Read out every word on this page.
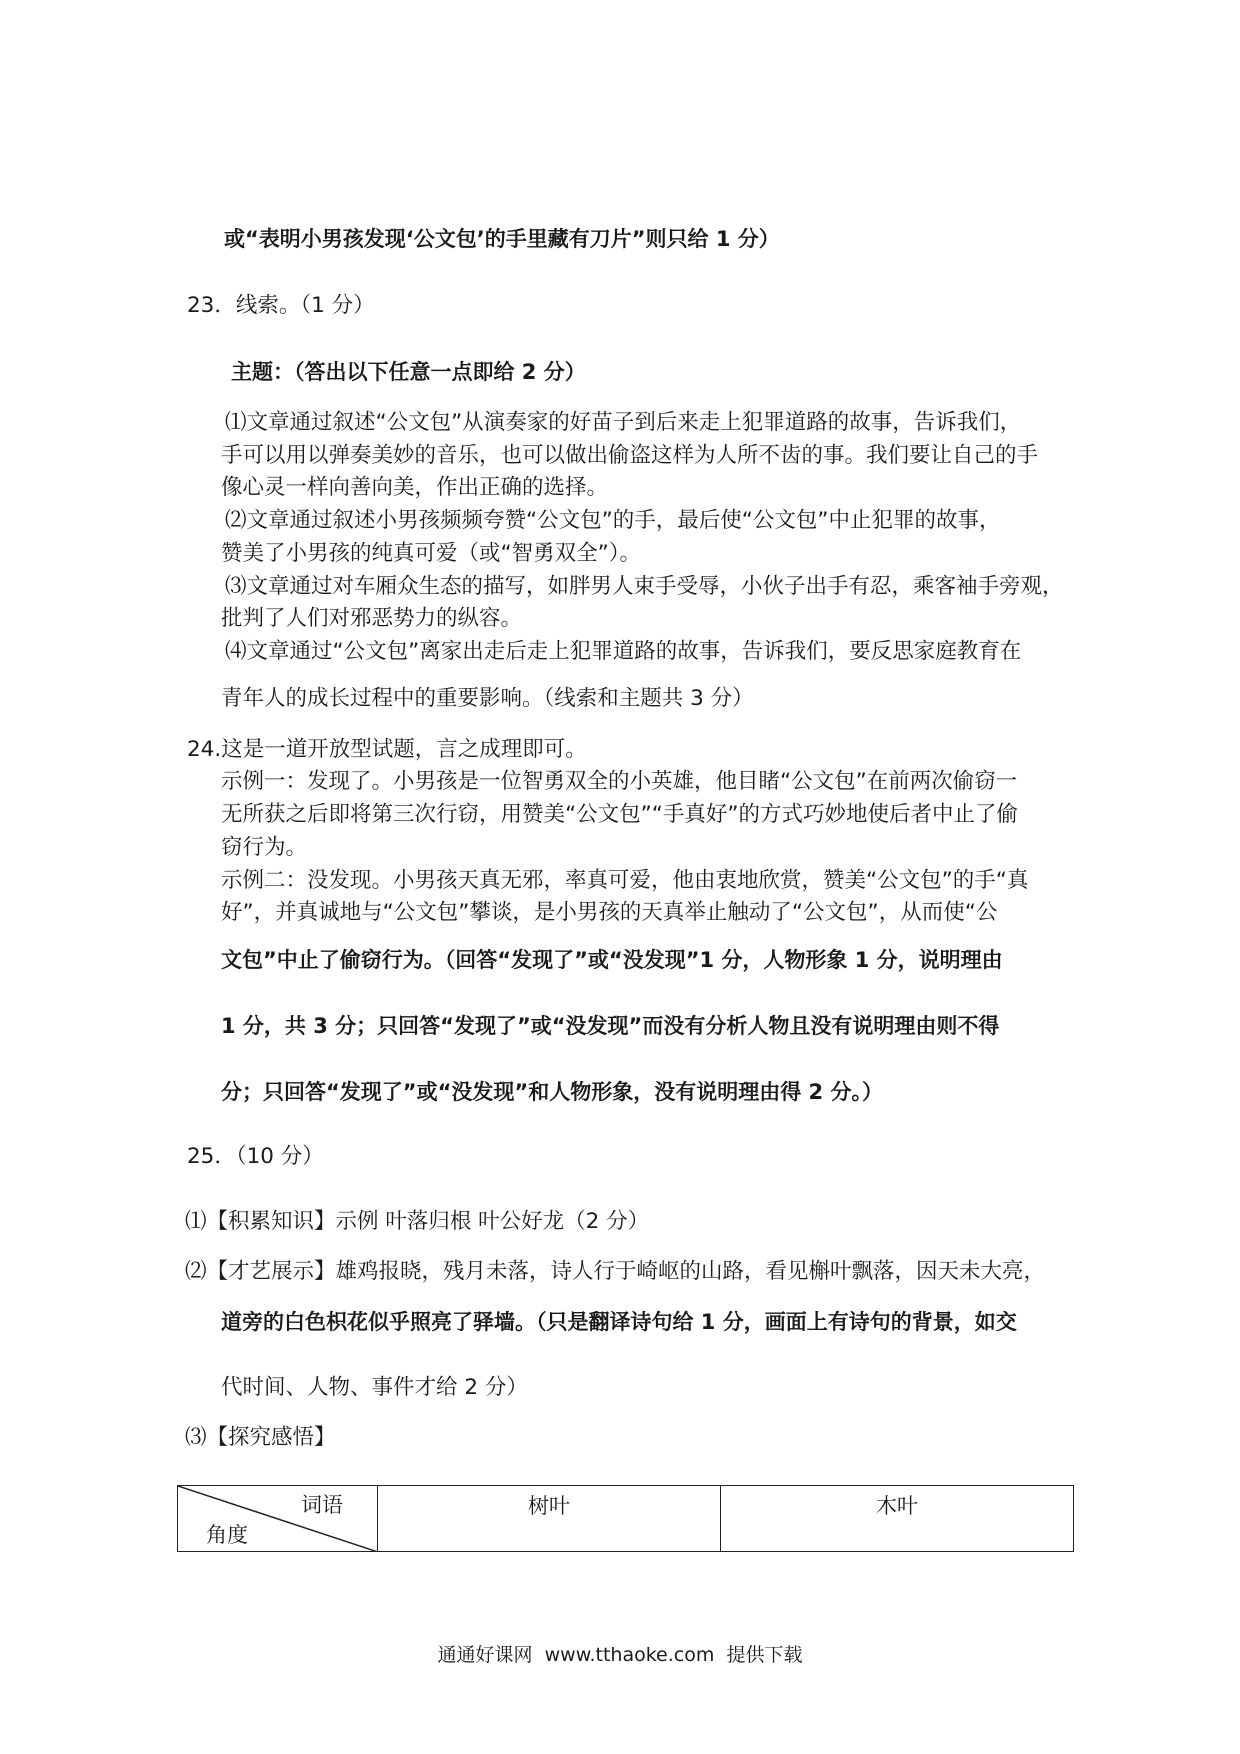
或“表明小男孩发现‘公文包’的手里藏有刀片”则只给 1 分）
23．线索。（1 分）
主题：（答出以下任意一点即给 2 分）
⑴文章通过叙述“公文包”从演奏家的好苗子到后来走上犯罪道路的故事，告诉我们，
手可以用以弹奏美妙的音乐，也可以做出偷盗这样为人所不齿的事。我们要让自己的手
像心灵一样向善向美，作出正确的选择。
⑵文章通过叙述小男孩频频夸赞“公文包”的手，最后使“公文包”中止犯罪的故事，
赞美了小男孩的纯真可爱（或“智勇双全”）。
⑶文章通过对车厢众生态的描写，如胖男人束手受辱，小伙子出手有忍，乘客袖手旁观，
批判了人们对邪恶势力的纵容。
⑷文章通过“公文包”离家出走后走上犯罪道路的故事，告诉我们，要反思家庭教育在
青年人的成长过程中的重要影响。（线索和主题共 3 分）
24.这是一道开放型试题，言之成理即可。
示例一：发现了。小男孩是一位智勇双全的小英雄，他目睹“公文包”在前两次偷窃一
无所获之后即将第三次行窃，用赞美“公文包”“手真好”的方式巧妙地使后者中止了偷
窃行为。
示例二：没发现。小男孩天真无邪，率真可爱，他由衷地欣赏，赞美“公文包”的手“真
好”，并真诚地与“公文包”攀谈，是小男孩的天真举止触动了“公文包”，从而使“公
文包”中止了偷窃行为。（回答“发现了”或“没发现”1 分，人物形象 1 分，说明理由
1 分，共 3 分；只回答“发现了”或“没发现”而没有分析人物且没有说明理由则不得
分；只回答“发现了”或“没发现”和人物形象，没有说明理由得 2 分。）
25．（10 分）
⑴【积累知识】示例 叶落归根 叶公好龙（2 分）
⑵【才艺展示】雄鸡报晓，残月未落，诗人行于崎岖的山路，看见槲叶飘落，因天未大亮，
道旁的白色枳花似乎照亮了驿墙。（只是翻译诗句给 1 分，画面上有诗句的背景，如交
代时间、人物、事件才给 2 分）
⑶【探究感悟】
词语
角度
	树叶	木叶
通通好课网  www.tthaoke.com  提供下载
